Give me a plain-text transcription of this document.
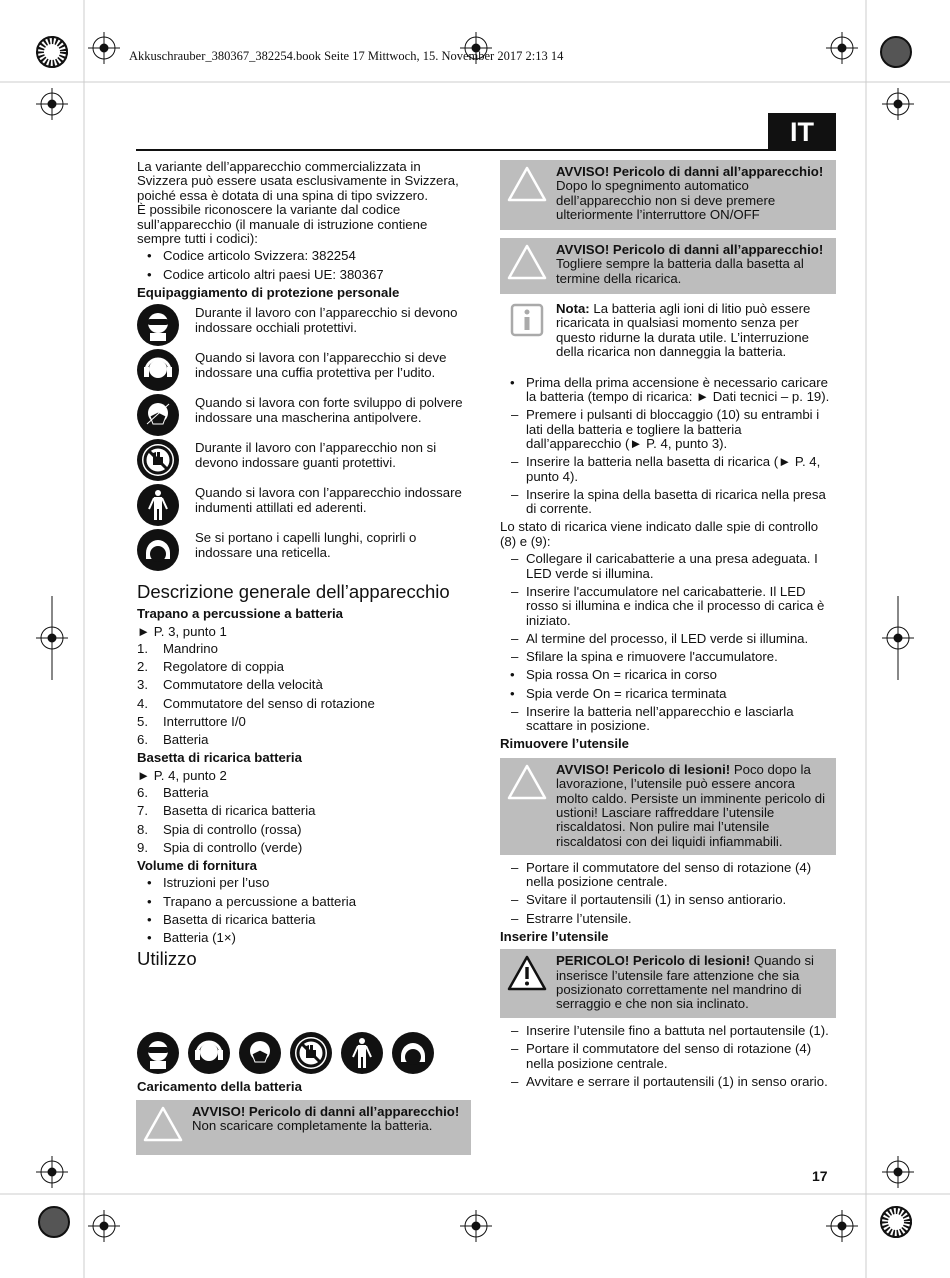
Akkuschrauber_380367_382254.book Seite 17 Mittwoch, 15. November 2017 2:13 14
IT

La variante dell’apparecchio commercializzata in Svizzera può essere usata esclusivamente in Svizzera, poiché essa è dotata di una spina di tipo svizzero.

È possibile riconoscere la variante dal codice sull’apparecchio (il manuale di istruzione contiene sempre tutti i codici):

• Codice articolo Svizzera: 382254
• Codice articolo altri paesi UE: 380367

Equipaggiamento di protezione personale

Durante il lavoro con l’apparecchio si devono indossare occhiali protettivi.
Quando si lavora con l’apparecchio si deve indossare una cuffia protettiva per l’udito.
Quando si lavora con forte sviluppo di polvere indossare una mascherina antipolvere.
Durante il lavoro con l’apparecchio non si devono indossare guanti protettivi.
Quando si lavora con l’apparecchio indossare indumenti attillati ed aderenti.
Se si portano i capelli lunghi, coprirli o indossare una reticella.

Descrizione generale dell’apparecchio

Trapano a percussione a batteria

► P. 3, punto 1

1. Mandrino
2. Regolatore di coppia
3. Commutatore della velocità
4. Commutatore del senso di rotazione
5. Interruttore I/0
6. Batteria

Basetta di ricarica batteria

► P. 4, punto 2

6. Batteria
7. Basetta di ricarica batteria
8. Spia di controllo (rossa)
9. Spia di controllo (verde)

Volume di fornitura

• Istruzioni per l’uso
• Trapano a percussione a batteria
• Basetta di ricarica batteria
• Batteria (1×)

Utilizzo

Caricamento della batteria

AVVISO! Pericolo di danni all’apparecchio! Non scaricare completamente la batteria.

AVVISO! Pericolo di danni all’apparecchio! Dopo lo spegnimento automatico dell’apparecchio non si deve premere ulteriormente l’interruttore ON/OFF

AVVISO! Pericolo di danni all’apparecchio! Togliere sempre la batteria dalla basetta al termine della ricarica.

Nota: La batteria agli ioni di litio può essere ricaricata in qualsiasi momento senza per questo ridurne la durata utile. L’interruzione della ricarica non danneggia la batteria.

• Prima della prima accensione è necessario caricare la batteria (tempo di ricarica: ► Dati tecnici – p. 19).
– Premere i pulsanti di bloccaggio (10) su entrambi i lati della batteria e togliere la batteria dall’apparecchio (► P. 4, punto 3).
– Inserire la batteria nella basetta di ricarica (► P. 4, punto 4).
– Inserire la spina della basetta di ricarica nella presa di corrente.

Lo stato di ricarica viene indicato dalle spie di controllo (8) e (9):

– Collegare il caricabatterie a una presa adeguata. I LED verde si illumina.
– Inserire l'accumulatore nel caricabatterie. Il LED rosso si illumina e indica che il processo di carica è iniziato.
– Al termine del processo, il LED verde si illumina.
– Sfilare la spina e rimuovere l'accumulatore.
• Spia rossa On = ricarica in corso
• Spia verde On = ricarica terminata
– Inserire la batteria nell’apparecchio e lasciarla scattare in posizione.

Rimuovere l’utensile

AVVISO! Pericolo di lesioni! Poco dopo la lavorazione, l’utensile può essere ancora molto caldo. Persiste un imminente pericolo di ustioni! Lasciare raffreddare l’utensile riscaldatosi. Non pulire mai l’utensile riscaldatosi con dei liquidi infiammabili.

– Portare il commutatore del senso di rotazione (4) nella posizione centrale.
– Svitare il portautensili (1) in senso antiorario.
– Estrarre l’utensile.

Inserire l’utensile

PERICOLO! Pericolo di lesioni! Quando si inserisce l’utensile fare attenzione che sia posizionato correttamente nel mandrino di serraggio e che non sia inclinato.

– Inserire l’utensile fino a battuta nel portautensile (1).
– Portare il commutatore del senso di rotazione (4) nella posizione centrale.
– Avvitare e serrare il portautensili (1) in senso orario.
17
